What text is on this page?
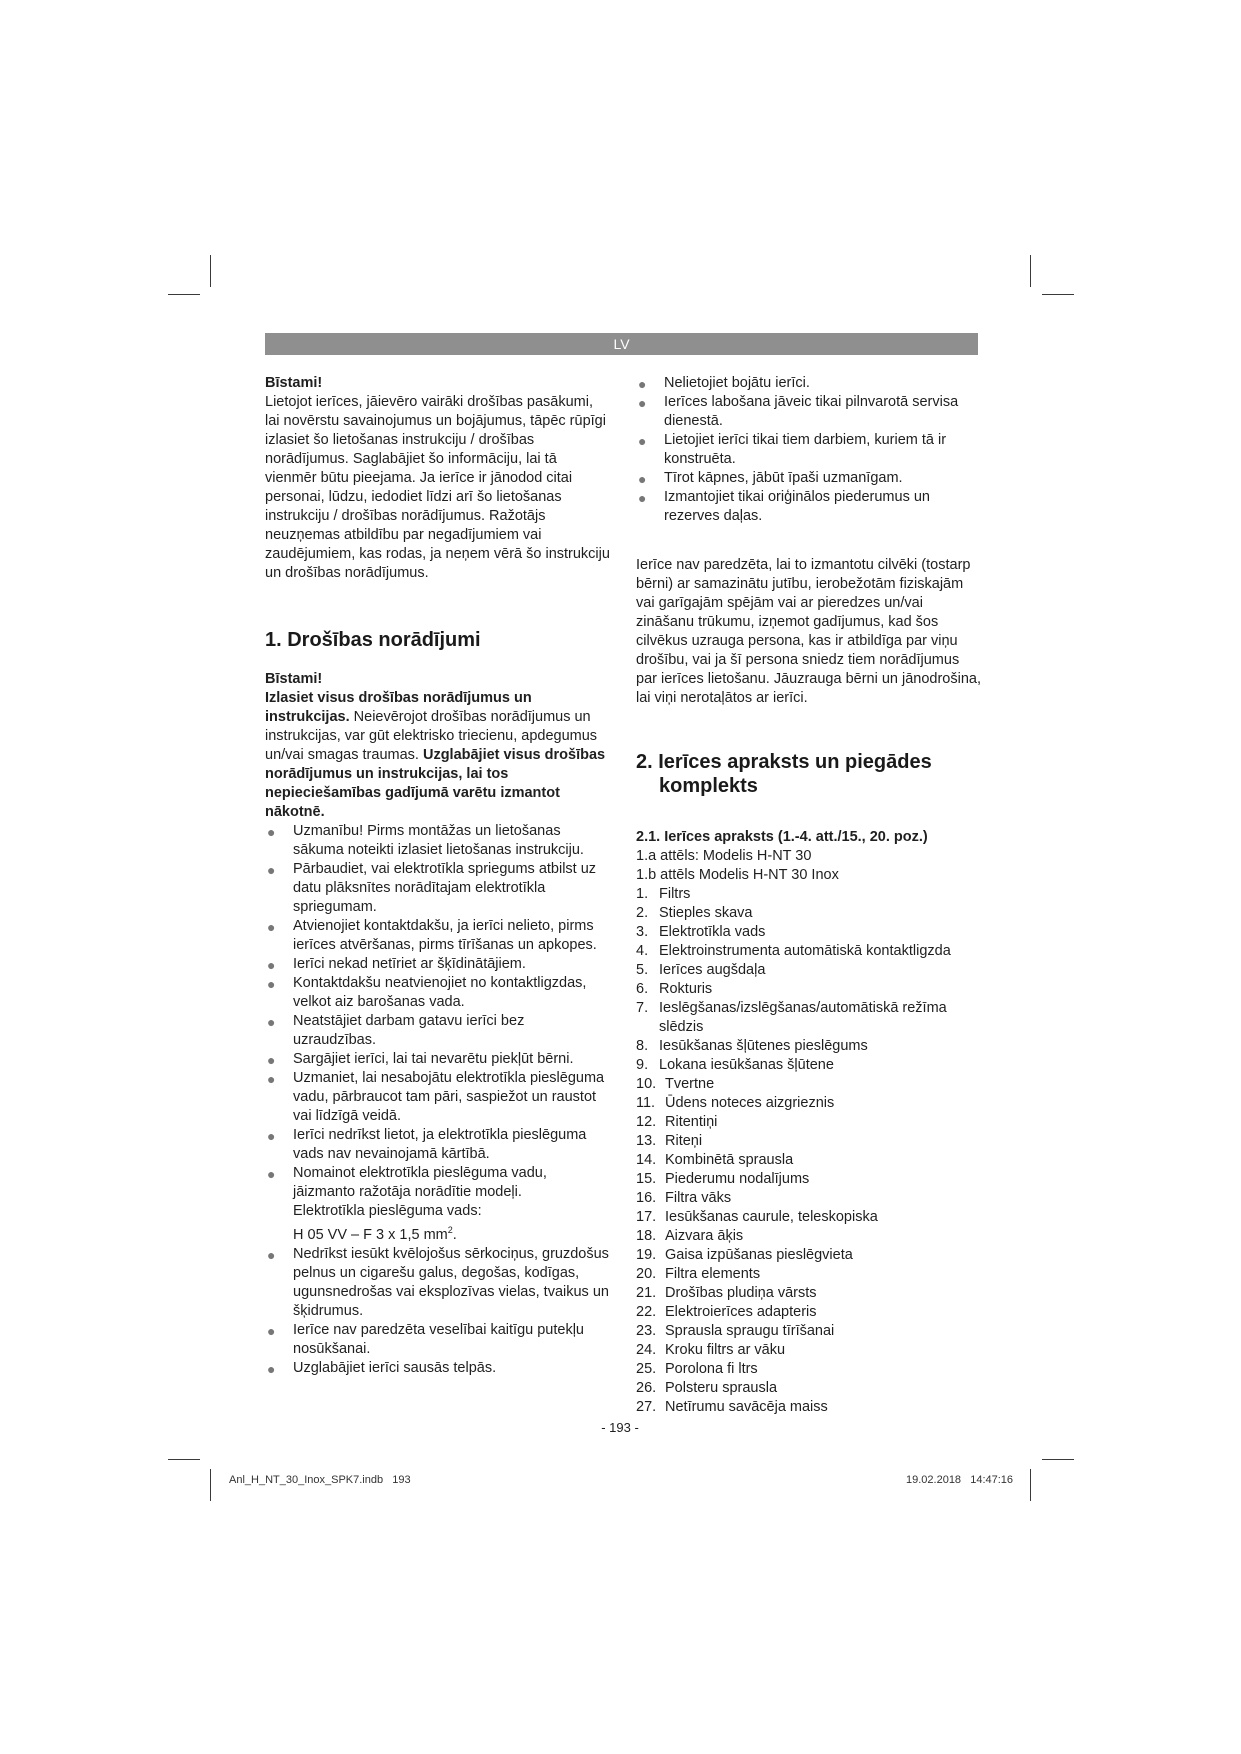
LV

Bīstami!

Lietojot ierīces, jāievēro vairāki drošības pasākumi, lai novērstu savainojumus un bojājumus, tāpēc rūpīgi izlasiet šo lietošanas instrukciju / drošības norādījumus. Saglabājiet šo informāciju, lai tā vienmēr būtu pieejama. Ja ierīce ir jānodod citai personai, lūdzu, iedodiet līdzi arī šo lietošanas instrukciju / drošības norādījumus. Ražotājs neuzņemas atbildību par negadījumiem vai zaudējumiem, kas rodas, ja neņem vērā šo instrukciju un drošības norādījumus.

1. Drošības norādījumi

Bīstami!

Izlasiet visus drošības norādījumus un instrukcijas. Neievērojot drošības norādījumus un instrukcijas, var gūt elektrisko triecienu, apdegumus un/vai smagas traumas. Uzglabājiet visus drošības norādījumus un instrukcijas, lai tos nepieciešamības gadījumā varētu izmantot nākotnē.

● Uzmanību! Pirms montāžas un lietošanas sākuma noteikti izlasiet lietošanas instrukciju.
● Pārbaudiet, vai elektrotīkla spriegums atbilst uz datu plāksnītes norādītajam elektrotīkla spriegumam.
● Atvienojiet kontaktdakšu, ja ierīci nelieto, pirms ierīces atvēršanas, pirms tīrīšanas un apkopes.
● Ierīci nekad netīriet ar šķīdinātājiem.
● Kontaktdakšu neatvienojiet no kontaktligzdas, velkot aiz barošanas vada.
● Neatstājiet darbam gatavu ierīci bez uzraudzības.
● Sargājiet ierīci, lai tai nevarētu piekļūt bērni.
● Uzmaniet, lai nesabojātu elektrotīkla pieslēguma vadu, pārbraucot tam pāri, saspiežot un raustot vai līdzīgā veidā.
● Ierīci nedrīkst lietot, ja elektrotīkla pieslēguma vads nav nevainojamā kārtībā.
● Nomainot elektrotīkla pieslēguma vadu, jāizmanto ražotāja norādītie modeļi.
Elektrotīkla pieslēguma vads:
H 05 VV – F 3 x 1,5 $mm^2$.
● Nedrīkst iesūkt kvēlojošus sērkociņus, gruzdošus pelnus un cigarešu galus, degošas, kodīgas, ugunsnedrošas vai eksplozīvas vielas, tvaikus un šķidrumus.
● Ierīce nav paredzēta veselībai kaitīgu putekļu nosūkšanai.
● Uzglabājiet ierīci sausās telpās.
● Nelietojiet bojātu ierīci.
● Ierīces labošana jāveic tikai pilnvarotā servisa dienestā.
● Lietojiet ierīci tikai tiem darbiem, kuriem tā ir konstruēta.
● Tīrot kāpnes, jābūt īpaši uzmanīgam.
● Izmantojiet tikai oriģinālos piederumus un rezerves daļas.

Ierīce nav paredzēta, lai to izmantotu cilvēki (tostarp bērni) ar samazinātu jutību, ierobežotām fiziskajām vai garīgajām spējām vai ar pieredzes un/vai zināšanu trūkumu, izņemot gadījumus, kad šos cilvēkus uzrauga persona, kas ir atbildīga par viņu drošību, vai ja šī persona sniedz tiem norādījumus par ierīces lietošanu. Jāuzrauga bērni un jānodrošina, lai viņi nerotaļātos ar ierīci.

2. Ierīces apraksts un piegādes komplekts
2.1. Ierīces apraksts (1.-4. att./15., 20. poz.)

1.a attēls: Modelis H-NT 30

1.b attēls Modelis H-NT 30 Inox

1. Filtrs
2. Stieples skava
3. Elektrotīkla vads
4. Elektroinstrumenta automātiskā kontaktligzda
5. Ierīces augšdaļa
6. Rokturis
7. Ieslēgšanas/izslēgšanas/automātiskā režīma slēdzis
8. Iesūkšanas šļūtenes pieslēgums
9. Lokana iesūkšanas šļūtene
10. Tvertne
11. Ūdens noteces aizgrieznis
12. Ritentiņi
13. Riteņi
14. Kombinētā sprausla
15. Piederumu nodalījums
16. Filtra vāks
17. Iesūkšanas caurule, teleskopiska
18. Aizvara āķis
19. Gaisa izpūšanas pieslēgvieta
20. Filtra elements
21. Drošības pludiņa vārsts
22. Elektroierīces adapteris
23. Sprausla spraugu tīrīšanai
24. Kroku filtrs ar vāku
25. Porolona fi ltrs
26. Polsteru sprausla
27. Netīrumu savācēja maiss
- 193 -
Anl_H_NT_30_Inox_SPK7.indb   193	19.02.2018   14:47:16
